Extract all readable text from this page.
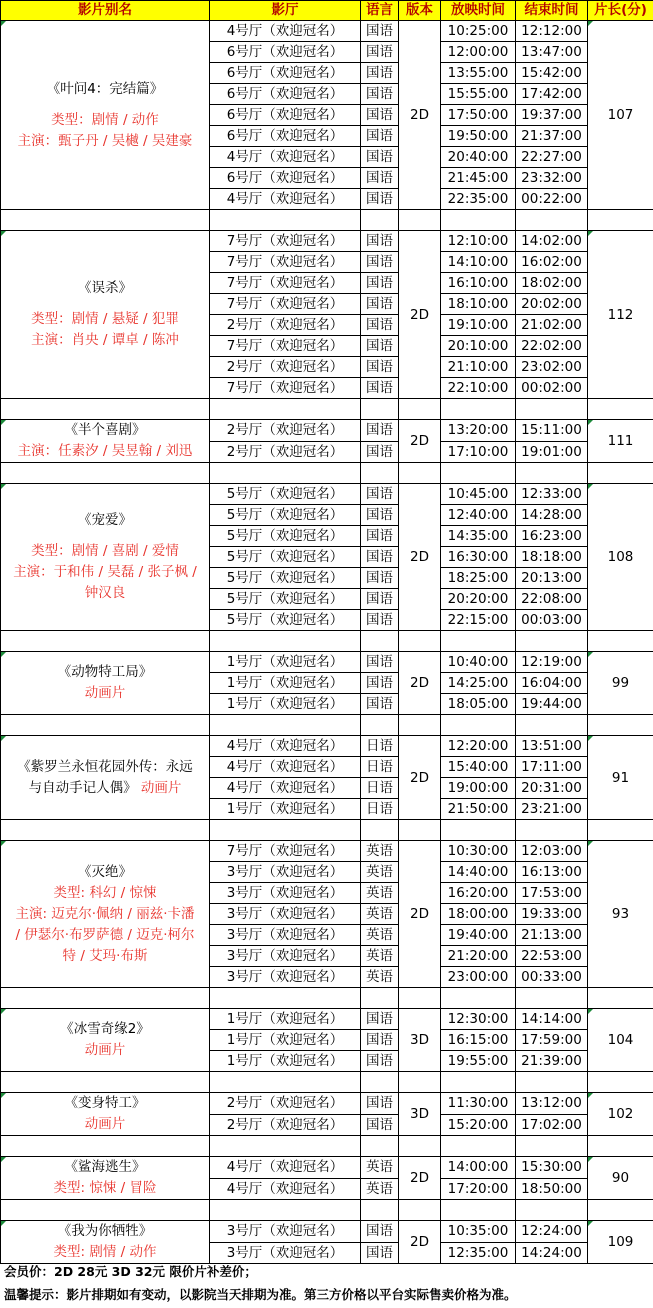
影片别名	影厅	语言	版本	放映时间	结束时间	片长(分)

《叶问4：完结篇》
类型：剧情 / 动作
主演：甄子丹 / 吴樾 / 吴建豪	4号厅（欢迎冠名）	国语	2D	10:25:00	12:12:00	107
	6号厅（欢迎冠名）	国语		12:00:00	13:47:00	
	6号厅（欢迎冠名）	国语		13:55:00	15:42:00	
	6号厅（欢迎冠名）	国语		15:55:00	17:42:00	
	6号厅（欢迎冠名）	国语		17:50:00	19:37:00	
	6号厅（欢迎冠名）	国语		19:50:00	21:37:00	
	4号厅（欢迎冠名）	国语		20:40:00	22:27:00	
	6号厅（欢迎冠名）	国语		21:45:00	23:32:00	
	4号厅（欢迎冠名）	国语		22:35:00	00:22:00	

《误杀》
类型：剧情 / 悬疑 / 犯罪
主演：肖央 / 谭卓 / 陈冲	7号厅（欢迎冠名）	国语	2D	12:10:00	14:02:00	112
	7号厅（欢迎冠名）	国语		14:10:00	16:02:00	
	7号厅（欢迎冠名）	国语		16:10:00	18:02:00	
	7号厅（欢迎冠名）	国语		18:10:00	20:02:00	
	2号厅（欢迎冠名）	国语		19:10:00	21:02:00	
	7号厅（欢迎冠名）	国语		20:10:00	22:02:00	
	2号厅（欢迎冠名）	国语		21:10:00	23:02:00	
	7号厅（欢迎冠名）	国语		22:10:00	00:02:00	

《半个喜剧》
主演：任素汐 / 吴昱翰 / 刘迅	2号厅（欢迎冠名）	国语	2D	13:20:00	15:11:00	111
	2号厅（欢迎冠名）	国语		17:10:00	19:01:00	

《宠爱》
类型：剧情 / 喜剧 / 爱情
主演：于和伟 / 吴磊 / 张子枫 /
钟汉良	5号厅（欢迎冠名）	国语	2D	10:45:00	12:33:00	108
	5号厅（欢迎冠名）	国语		12:40:00	14:28:00	
	5号厅（欢迎冠名）	国语		14:35:00	16:23:00	
	5号厅（欢迎冠名）	国语		16:30:00	18:18:00	
	5号厅（欢迎冠名）	国语		18:25:00	20:13:00	
	5号厅（欢迎冠名）	国语		20:20:00	22:08:00	
	5号厅（欢迎冠名）	国语		22:15:00	00:03:00	

《动物特工局》
动画片	1号厅（欢迎冠名）	国语	2D	10:40:00	12:19:00	99
	1号厅（欢迎冠名）	国语		14:25:00	16:04:00	
	1号厅（欢迎冠名）	国语		18:05:00	19:44:00	

《紫罗兰永恒花园外传：永远
与自动手记人偶》 动画片	4号厅（欢迎冠名）	日语	2D	12:20:00	13:51:00	91
	4号厅（欢迎冠名）	日语		15:40:00	17:11:00	
	4号厅（欢迎冠名）	日语		19:00:00	20:31:00	
	1号厅（欢迎冠名）	日语		21:50:00	23:21:00	

《灭绝》
类型: 科幻 / 惊悚
主演: 迈克尔·佩纳 / 丽兹·卡潘
/ 伊瑟尔·布罗萨德 / 迈克·柯尔
特 / 艾玛·布斯	7号厅（欢迎冠名）	英语	2D	10:30:00	12:03:00	93
	3号厅（欢迎冠名）	英语		14:40:00	16:13:00	
	3号厅（欢迎冠名）	英语		16:20:00	17:53:00	
	3号厅（欢迎冠名）	英语		18:00:00	19:33:00	
	3号厅（欢迎冠名）	英语		19:40:00	21:13:00	
	3号厅（欢迎冠名）	英语		21:20:00	22:53:00	
	3号厅（欢迎冠名）	英语		23:00:00	00:33:00	

《冰雪奇缘2》
动画片	1号厅（欢迎冠名）	国语	3D	12:30:00	14:14:00	104
	1号厅（欢迎冠名）	国语		16:15:00	17:59:00	
	1号厅（欢迎冠名）	国语		19:55:00	21:39:00	

《变身特工》
动画片	2号厅（欢迎冠名）	国语	3D	11:30:00	13:12:00	102
	2号厅（欢迎冠名）	国语		15:20:00	17:02:00	

《鲨海逃生》
类型: 惊悚 / 冒险	4号厅（欢迎冠名）	英语	2D	14:00:00	15:30:00	90
	4号厅（欢迎冠名）	英语		17:20:00	18:50:00	

《我为你牺牲》
类型: 剧情 / 动作	3号厅（欢迎冠名）	国语	2D	10:35:00	12:24:00	109
	3号厅（欢迎冠名）	国语		12:35:00	14:24:00	
会员价：2D 28元 3D 32元 限价片补差价；
温馨提示：影片排期如有变动，以影院当天排期为准。第三方价格以平台实际售卖价格为准。
